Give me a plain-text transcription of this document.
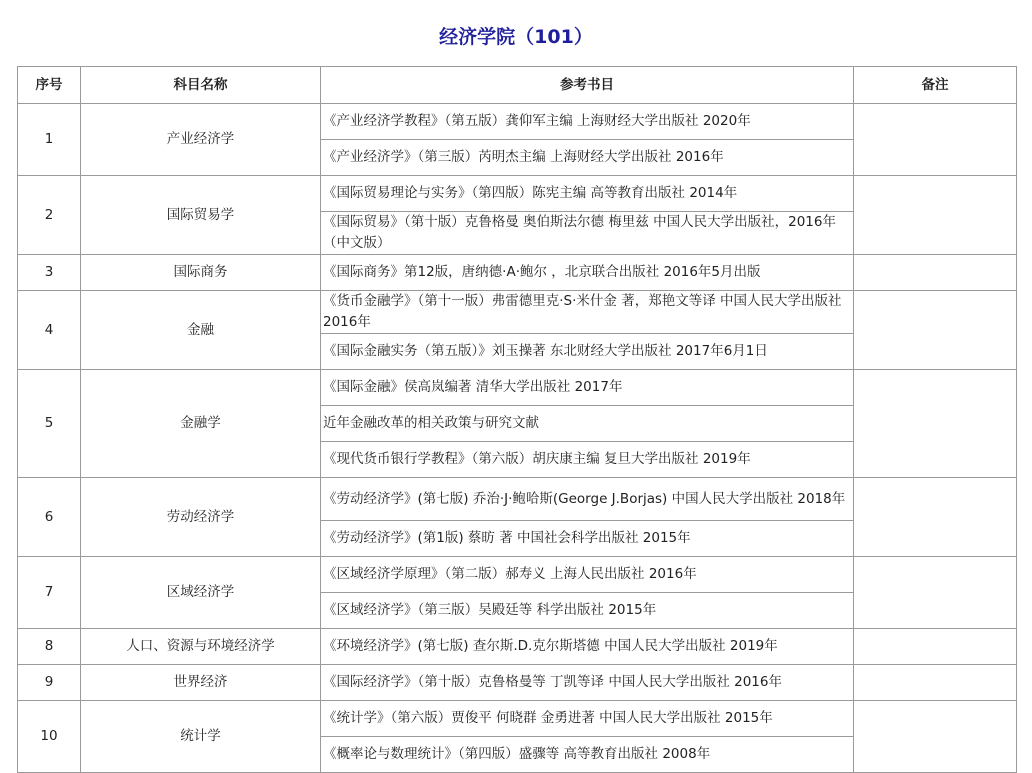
经济学院（101）
序号	科目名称	参考书目	备注
1	产业经济学	《产业经济学教程》（第五版）龚仰军主编 上海财经大学出版社 2020年	
		《产业经济学》（第三版）芮明杰主编 上海财经大学出版社 2016年	
2	国际贸易学	《国际贸易理论与实务》（第四版）陈宪主编 高等教育出版社 2014年	
		《国际贸易》（第十版）克鲁格曼 奥伯斯法尔德 梅里兹 中国人民大学出版社，2016年（中文版）	
3	国际商务	《国际商务》第12版，唐纳德·A·鲍尔 ，北京联合出版社 2016年5月出版	
4	金融	《货币金融学》（第十一版）弗雷德里克·S·米什金 著，郑艳文等译 中国人民大学出版社 2016年	
		《国际金融实务（第五版）》刘玉操著 东北财经大学出版社 2017年6月1日	
5	金融学	《国际金融》侯高岚编著 清华大学出版社 2017年	
		近年金融改革的相关政策与研究文献	
		《现代货币银行学教程》（第六版）胡庆康主编 复旦大学出版社 2019年	
6	劳动经济学	《劳动经济学》(第七版) 乔治·J·鲍哈斯(George J.Borjas) 中国人民大学出版社 2018年	
		《劳动经济学》(第1版) 蔡昉 著 中国社会科学出版社 2015年	
7	区域经济学	《区域经济学原理》（第二版）郝寿义 上海人民出版社 2016年	
		《区域经济学》（第三版）吴殿廷等 科学出版社 2015年	
8	人口、资源与环境经济学	《环境经济学》(第七版) 查尔斯.D.克尔斯塔德 中国人民大学出版社 2019年	
9	世界经济	《国际经济学》（第十版）克鲁格曼等 丁凯等译 中国人民大学出版社 2016年	
10	统计学	《统计学》（第六版）贾俊平 何晓群 金勇进著 中国人民大学出版社 2015年	
		《概率论与数理统计》（第四版）盛骤等 高等教育出版社 2008年	
